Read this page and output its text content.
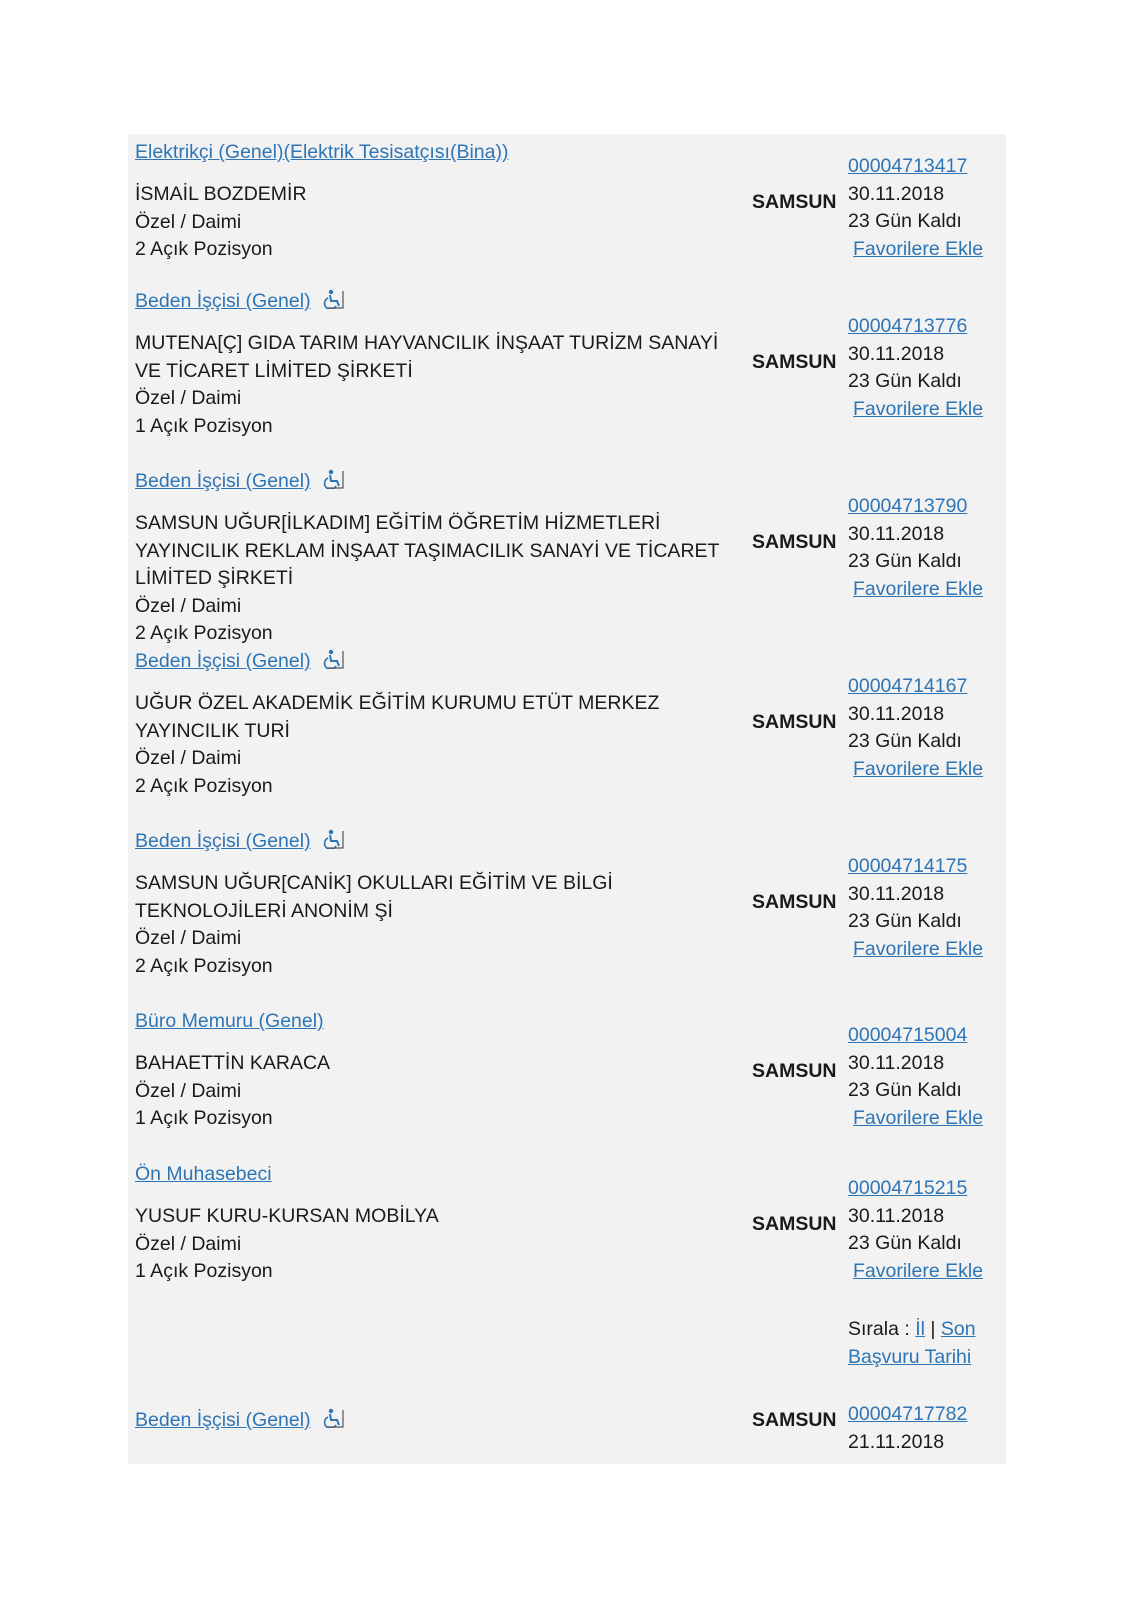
Elektrikçi (Genel)(Elektrik Tesisatçısı(Bina))
İSMAİL BOZDEMİR
Özel / Daimi
2 Açık Pozisyon
SAMSUN
00004713417
30.11.2018
23 Gün Kaldı
Favorilere Ekle
Beden İşçisi (Genel)
MUTENA[Ç] GIDA TARIM HAYVANCILIK İNŞAAT TURİZM SANAYİ VE TİCARET LİMİTED ŞİRKETİ
Özel / Daimi
1 Açık Pozisyon
SAMSUN
00004713776
30.11.2018
23 Gün Kaldı
Favorilere Ekle
Beden İşçisi (Genel)
SAMSUN UĞUR[İLKADIM] EĞİTİM ÖĞRETİM HİZMETLERİ YAYINCILIK REKLAM İNŞAAT TAŞIMACILIK SANAYİ VE TİCARET LİMİTED ŞİRKETİ
Özel / Daimi
2 Açık Pozisyon
SAMSUN
00004713790
30.11.2018
23 Gün Kaldı
Favorilere Ekle
Beden İşçisi (Genel)
UĞUR ÖZEL AKADEMİK EĞİTİM KURUMU ETÜT MERKEZ YAYINCILIK TURİ
Özel / Daimi
2 Açık Pozisyon
SAMSUN
00004714167
30.11.2018
23 Gün Kaldı
Favorilere Ekle
Beden İşçisi (Genel)
SAMSUN UĞUR[CANİK] OKULLARI EĞİTİM VE BİLGİ TEKNOLOJİLERİ ANONİM Şİ
Özel / Daimi
2 Açık Pozisyon
SAMSUN
00004714175
30.11.2018
23 Gün Kaldı
Favorilere Ekle
Büro Memuru (Genel)
BAHAETTİN KARACA
Özel / Daimi
1 Açık Pozisyon
SAMSUN
00004715004
30.11.2018
23 Gün Kaldı
Favorilere Ekle
Ön Muhasebeci
YUSUF KURU-KURSAN MOBİLYA
Özel / Daimi
1 Açık Pozisyon
SAMSUN
00004715215
30.11.2018
23 Gün Kaldı
Favorilere Ekle
Sırala : İl | Son
Başvuru Tarihi
Beden İşçisi (Genel)	SAMSUN 00004717782
21.11.2018
